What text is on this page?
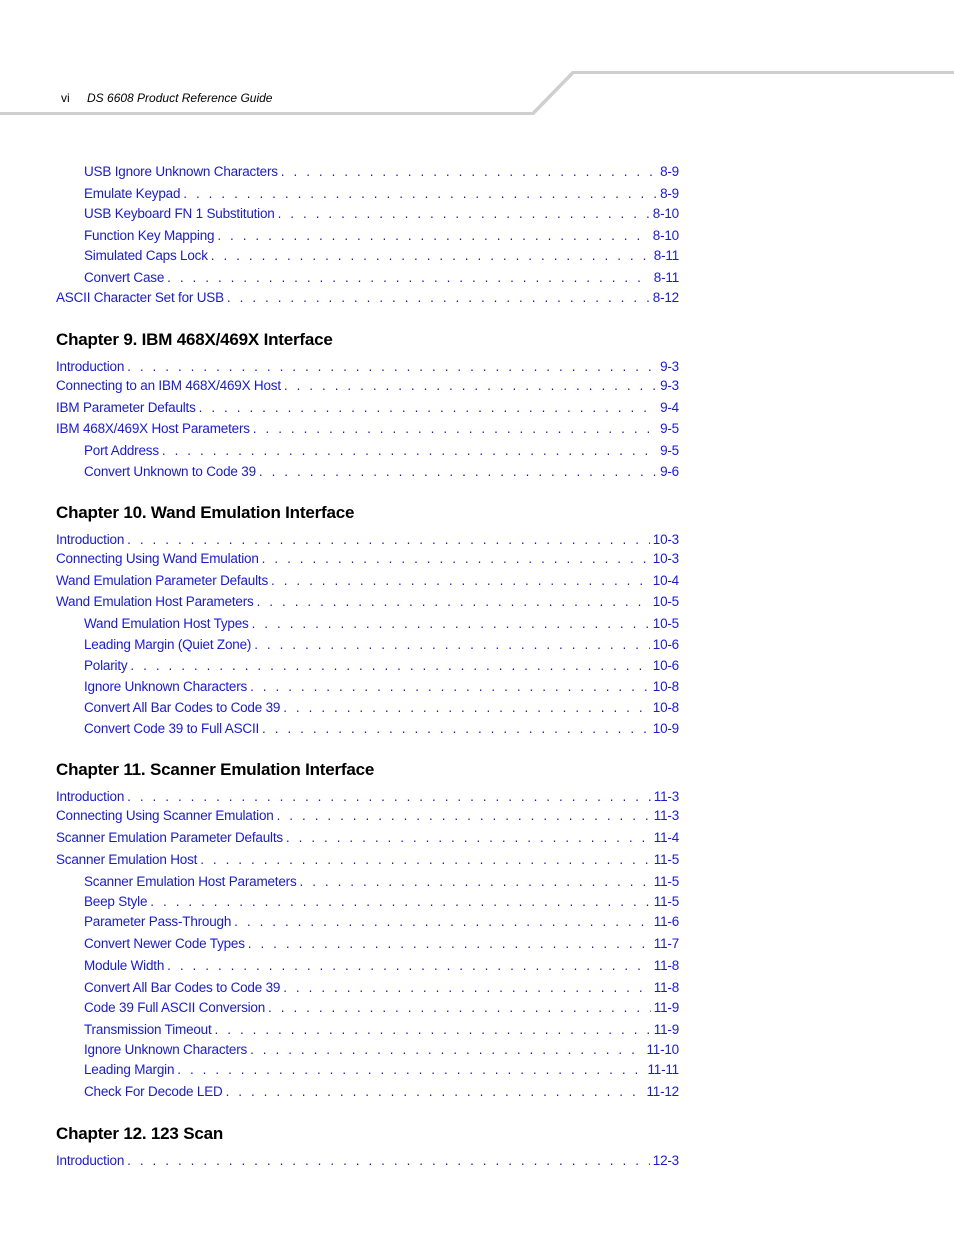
vi DS 6608 Product Reference Guide
USB Ignore Unknown Characters . . .	8-9
Emulate Keypad . . .	8-9
USB Keyboard FN 1 Substitution . . .	8-10
Function Key Mapping . . .	8-10
Simulated Caps Lock . . .	8-11
Convert Case . . .	8-11
ASCII Character Set for USB . . .	8-12
Chapter 9. IBM 468X/469X Interface
Introduction . . .	9-3
Connecting to an IBM 468X/469X Host . . .	9-3
IBM Parameter Defaults . . .	9-4
IBM 468X/469X Host Parameters . . .	9-5
Port Address . . .	9-5
Convert Unknown to Code 39 . . .	9-6
Chapter 10. Wand Emulation Interface
Introduction . . .	10-3
Connecting Using Wand Emulation . . .	10-3
Wand Emulation Parameter Defaults . . .	10-4
Wand Emulation Host Parameters . . .	10-5
Wand Emulation Host Types . . .	10-5
Leading Margin (Quiet Zone) . . .	10-6
Polarity . . .	10-6
Ignore Unknown Characters . . .	10-8
Convert All Bar Codes to Code 39 . . .	10-8
Convert Code 39 to Full ASCII . . .	10-9
Chapter 11. Scanner Emulation Interface
Introduction . . .	11-3
Connecting Using Scanner Emulation . . .	11-3
Scanner Emulation Parameter Defaults . . .	11-4
Scanner Emulation Host . . .	11-5
Scanner Emulation Host Parameters . . .	11-5
Beep Style . . .	11-5
Parameter Pass-Through . . .	11-6
Convert Newer Code Types . . .	11-7
Module Width . . .	11-8
Convert All Bar Codes to Code 39 . . .	11-8
Code 39 Full ASCII Conversion . . .	11-9
Transmission Timeout . . .	11-9
Ignore Unknown Characters . . .	11-10
Leading Margin . . .	11-11
Check For Decode LED . . .	11-12
Chapter 12. 123 Scan
Introduction . . .	12-3
